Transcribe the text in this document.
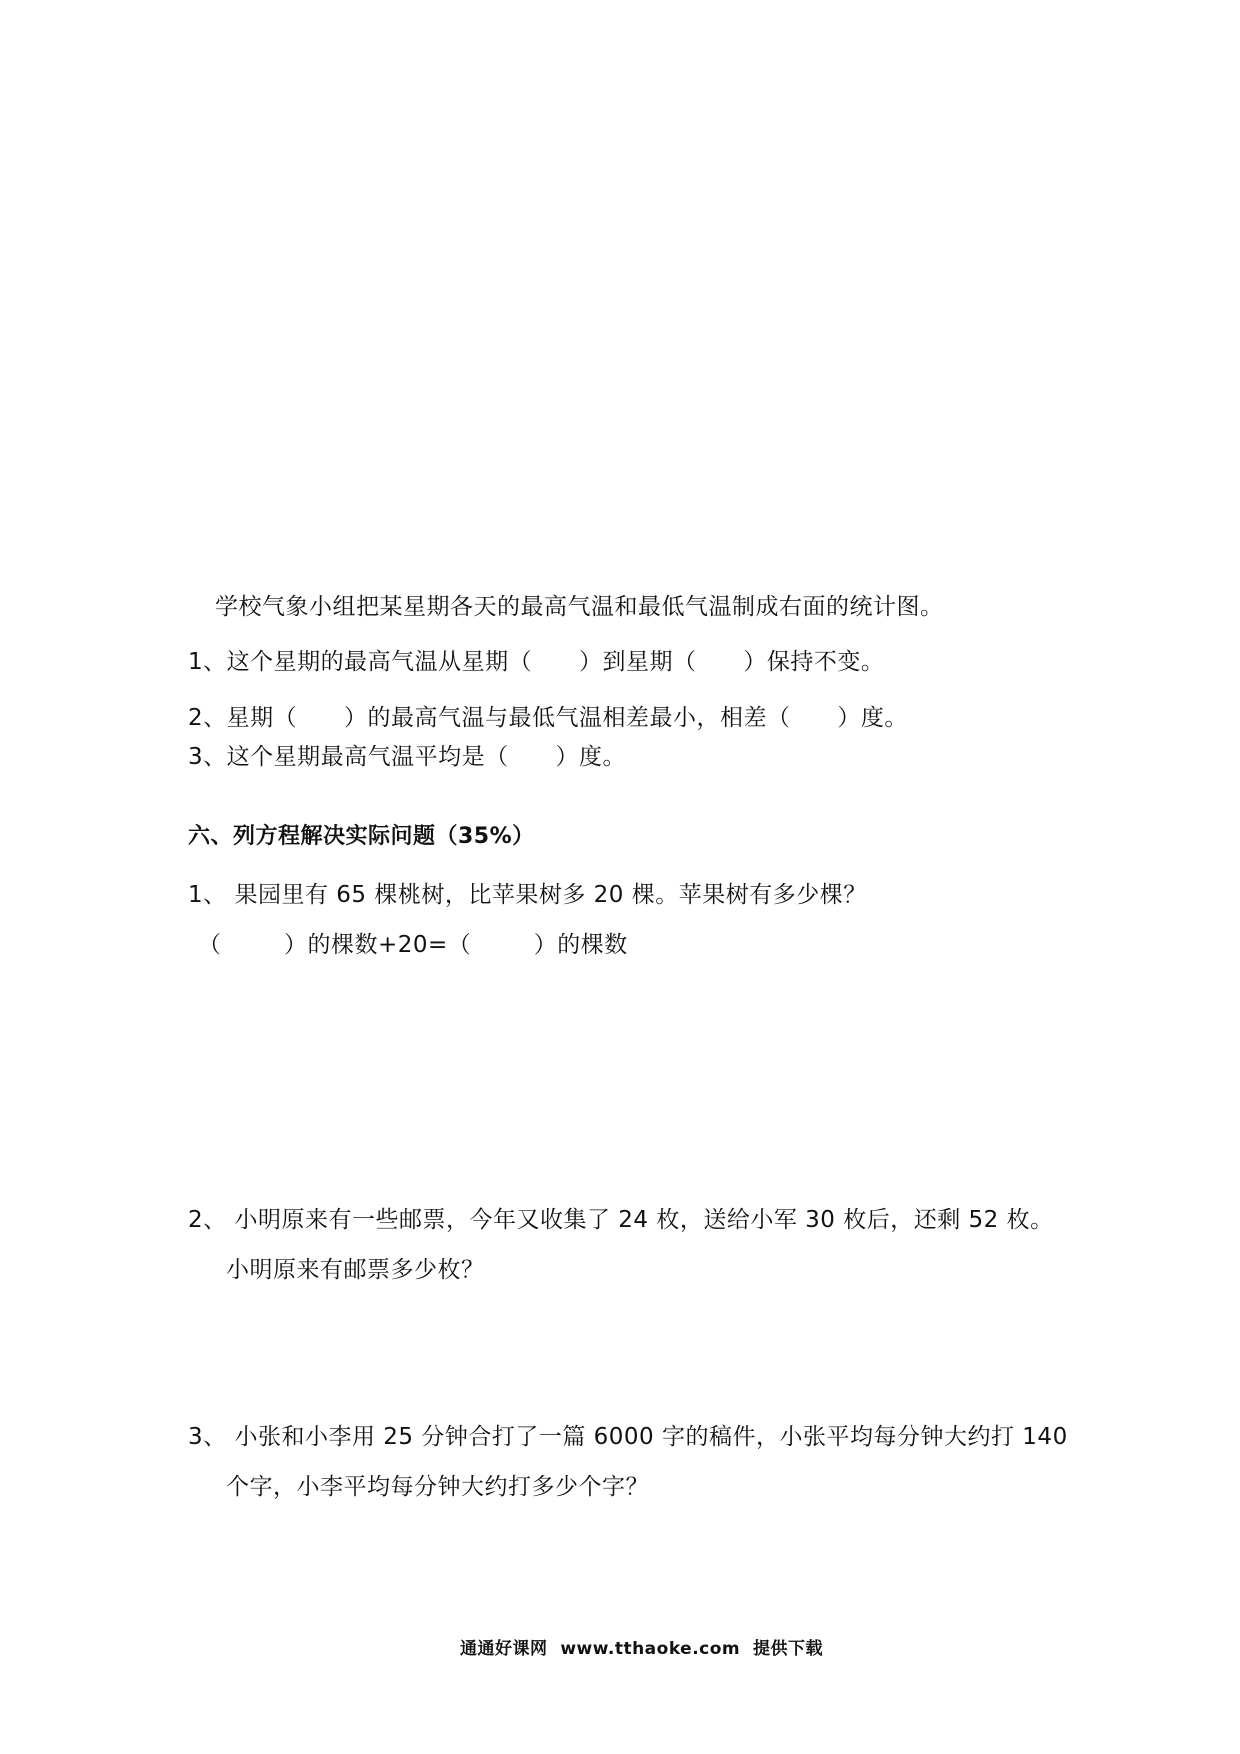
学校气象小组把某星期各天的最高气温和最低气温制成右面的统计图。
1、这个星期的最高气温从星期（      ）到星期（      ）保持不变。
2、星期（      ）的最高气温与最低气温相差最小，相差（      ）度。
3、这个星期最高气温平均是（      ）度。
六、列方程解决实际问题（35%）
1、 果园里有 65 棵桃树，比苹果树多 20 棵。苹果树有多少棵？
（        ）的棵数+20=（        ）的棵数
2、 小明原来有一些邮票，今年又收集了 24 枚，送给小军 30 枚后，还剩 52 枚。
小明原来有邮票多少枚？
3、 小张和小李用 25 分钟合打了一篇 6000 字的稿件，小张平均每分钟大约打 140
个字，小李平均每分钟大约打多少个字？
通通好课网  www.tthaoke.com  提供下载
